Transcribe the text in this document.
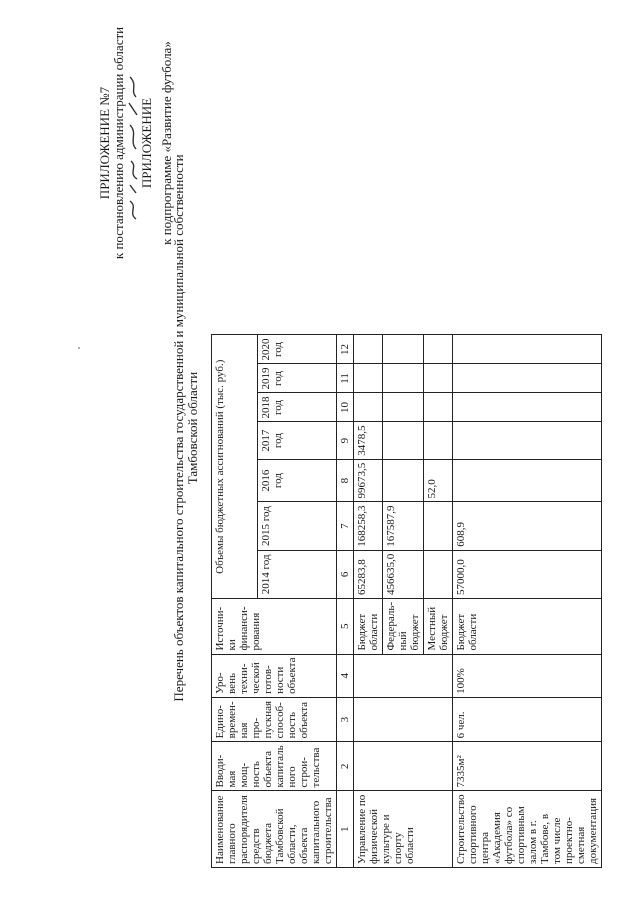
ПРИЛОЖЕНИЕ №7 к постановлению администрации области ПРИЛОЖЕНИЕ к подпрограмме «Развитие футбола»
Перечень объектов капитального строительства государственной и муниципальной собственности Тамбовской области
Наименование главного распорядителя средств бюджета Тамбовской области, объекта капитального строительства	Вводи-мая мощ-ность объекта капиталь ного строи-тельства	Едино-времен-ная про-пускная способ-ность объекта	Уро-вень техни-ческой готов-ности объекта	Источни-ки финанси-рования	Объемы бюджетных ассигнований (тыс. руб.)						
					2014 год	2015 год	2016 год	2017 год	2018 год	2019 год	2020 год
1	2	3	4	5	6	7	8	9	10	11	12
Управление по физической культуре и спорту области				Бюджет области	65283,8	168258,3	99673,5	3478,5			
				Федераль-ный бюджет	456635,0	167587,9					
				Местный бюджет			52,0				
Строительство спортивного центра «Академия футбола» со спортивным залом в г. Тамбове, в том числе проектно-сметная документация	7335м²	6 чел.	100%	Бюджет области	57000,0	608,9					
